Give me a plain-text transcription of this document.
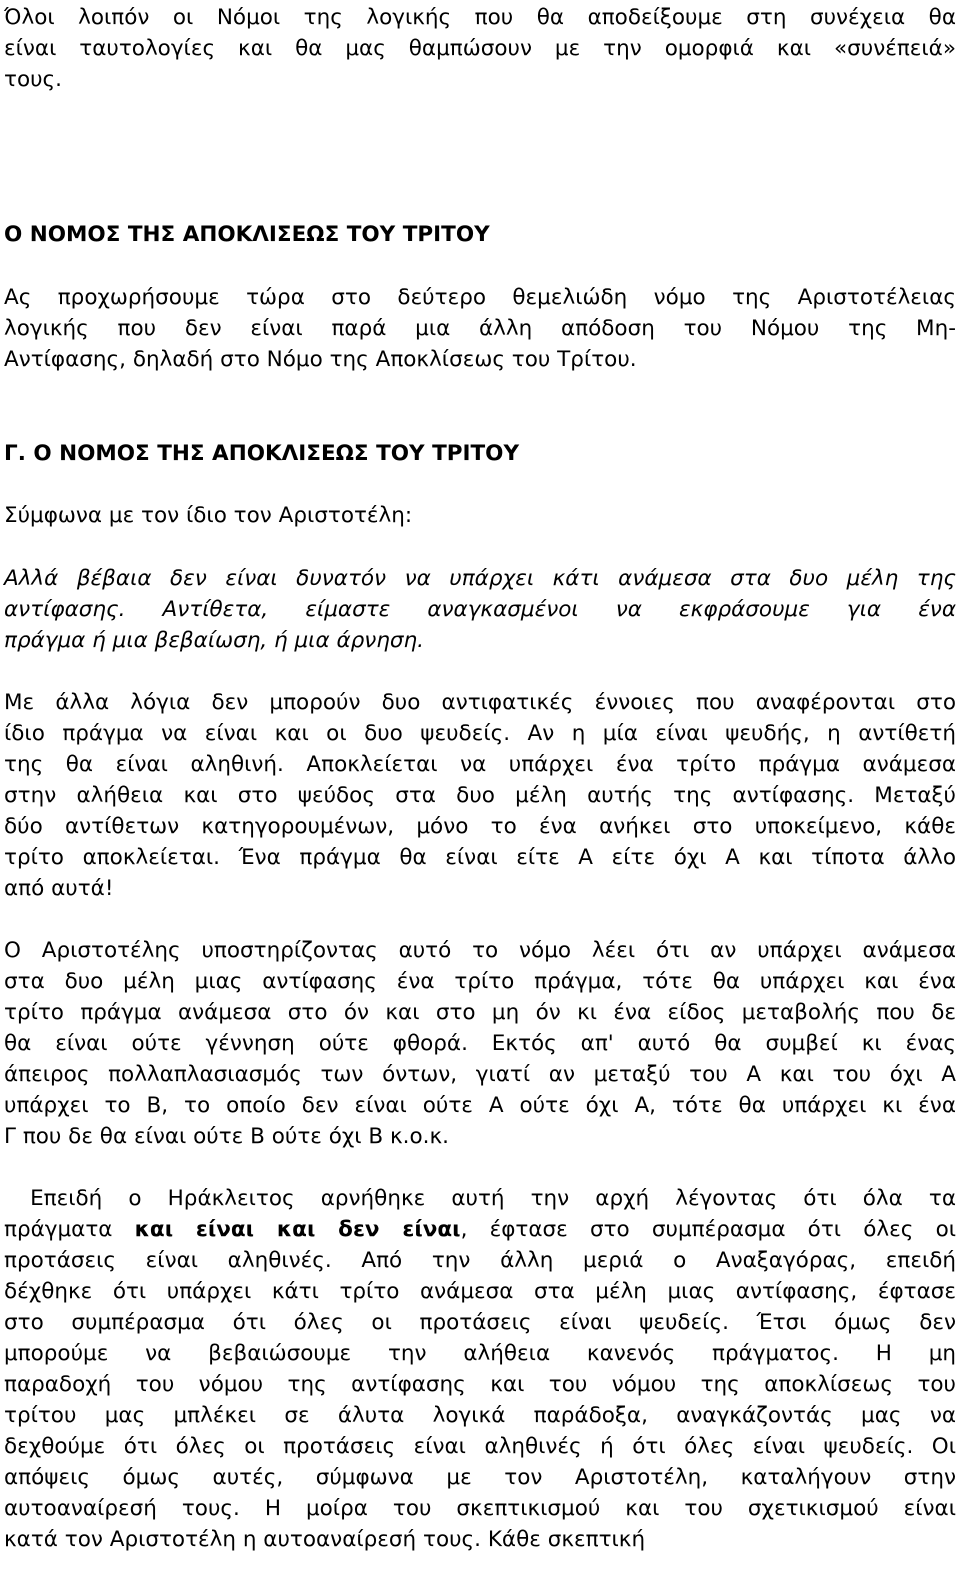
Όλοι λοιπόν οι Νόμοι της λογικής που θα αποδείξουμε στη συνέχεια θα
είναι ταυτολογίες και θα μας θαμπώσουν με την ομορφιά και «συνέπειά»
τους.

Ο ΝΟΜΟΣ ΤΗΣ ΑΠΟΚΛΙΣΕΩΣ ΤΟΥ ΤΡΙΤΟΥ

Ας προχωρήσουμε τώρα στο δεύτερο θεμελιώδη νόμο της Αριστοτέλειας
λογικής που δεν είναι παρά μια άλλη απόδοση του Νόμου της Μη-
Αντίφασης, δηλαδή στο Νόμο της Αποκλίσεως του Τρίτου.

Γ. Ο ΝΟΜΟΣ ΤΗΣ ΑΠΟΚΛΙΣΕΩΣ ΤΟΥ ΤΡΙΤΟΥ

Σύμφωνα με τον ίδιο τον Αριστοτέλη:

Αλλά βέβαια δεν είναι δυνατόν να υπάρχει κάτι ανάμεσα στα δυο μέλη της
αντίφασης. Αντίθετα, είμαστε αναγκασμένοι να εκφράσουμε για ένα
πράγμα ή μια βεβαίωση, ή μια άρνηση.

Με άλλα λόγια δεν μπορούν δυο αντιφατικές έννοιες που αναφέρονται στο
ίδιο πράγμα να είναι και οι δυο ψευδείς. Αν η μία είναι ψευδής, η αντίθετή
της θα είναι αληθινή. Αποκλείεται να υπάρχει ένα τρίτο πράγμα ανάμεσα
στην αλήθεια και στο ψεύδος στα δυο μέλη αυτής της αντίφασης. Μεταξύ
δύο αντίθετων κατηγορουμένων, μόνο το ένα ανήκει στο υποκείμενο, κάθε
τρίτο αποκλείεται. Ένα πράγμα θα είναι είτε Α είτε όχι Α και τίποτα άλλο
από αυτά!

Ο Αριστοτέλης υποστηρίζοντας αυτό το νόμο λέει ότι αν υπάρχει ανάμεσα
στα δυο μέλη μιας αντίφασης ένα τρίτο πράγμα, τότε θα υπάρχει και ένα
τρίτο πράγμα ανάμεσα στο όν και στο μη όν κι ένα είδος μεταβολής που δε
θα είναι ούτε γέννηση ούτε φθορά. Εκτός απ' αυτό θα συμβεί κι ένας
άπειρος πολλαπλασιασμός των όντων, γιατί αν μεταξύ του Α και του όχι Α
υπάρχει το Β, το οποίο δεν είναι ούτε Α ούτε όχι Α, τότε θα υπάρχει κι ένα
Γ που δε θα είναι ούτε Β ούτε όχι Β κ.ο.κ.

Επειδή ο Ηράκλειτος αρνήθηκε αυτή την αρχή λέγοντας ότι όλα τα
πράγματα και είναι και δεν είναι, έφτασε στο συμπέρασμα ότι όλες οι
προτάσεις είναι αληθινές. Από την άλλη μεριά ο Αναξαγόρας, επειδή
δέχθηκε ότι υπάρχει κάτι τρίτο ανάμεσα στα μέλη μιας αντίφασης, έφτασε
στο συμπέρασμα ότι όλες οι προτάσεις είναι ψευδείς. Έτσι όμως δεν
μπορούμε να βεβαιώσουμε την αλήθεια κανενός πράγματος. Η μη
παραδοχή του νόμου της αντίφασης και του νόμου της αποκλίσεως του
τρίτου μας μπλέκει σε άλυτα λογικά παράδοξα, αναγκάζοντάς μας να
δεχθούμε ότι όλες οι προτάσεις είναι αληθινές ή ότι όλες είναι ψευδείς. Οι
απόψεις όμως αυτές, σύμφωνα με τον Αριστοτέλη, καταλήγουν στην
αυτοαναίρεσή τους. Η μοίρα του σκεπτικισμού και του σχετικισμού είναι
κατά τον Αριστοτέλη η αυτοαναίρεσή τους. Κάθε σκεπτική
